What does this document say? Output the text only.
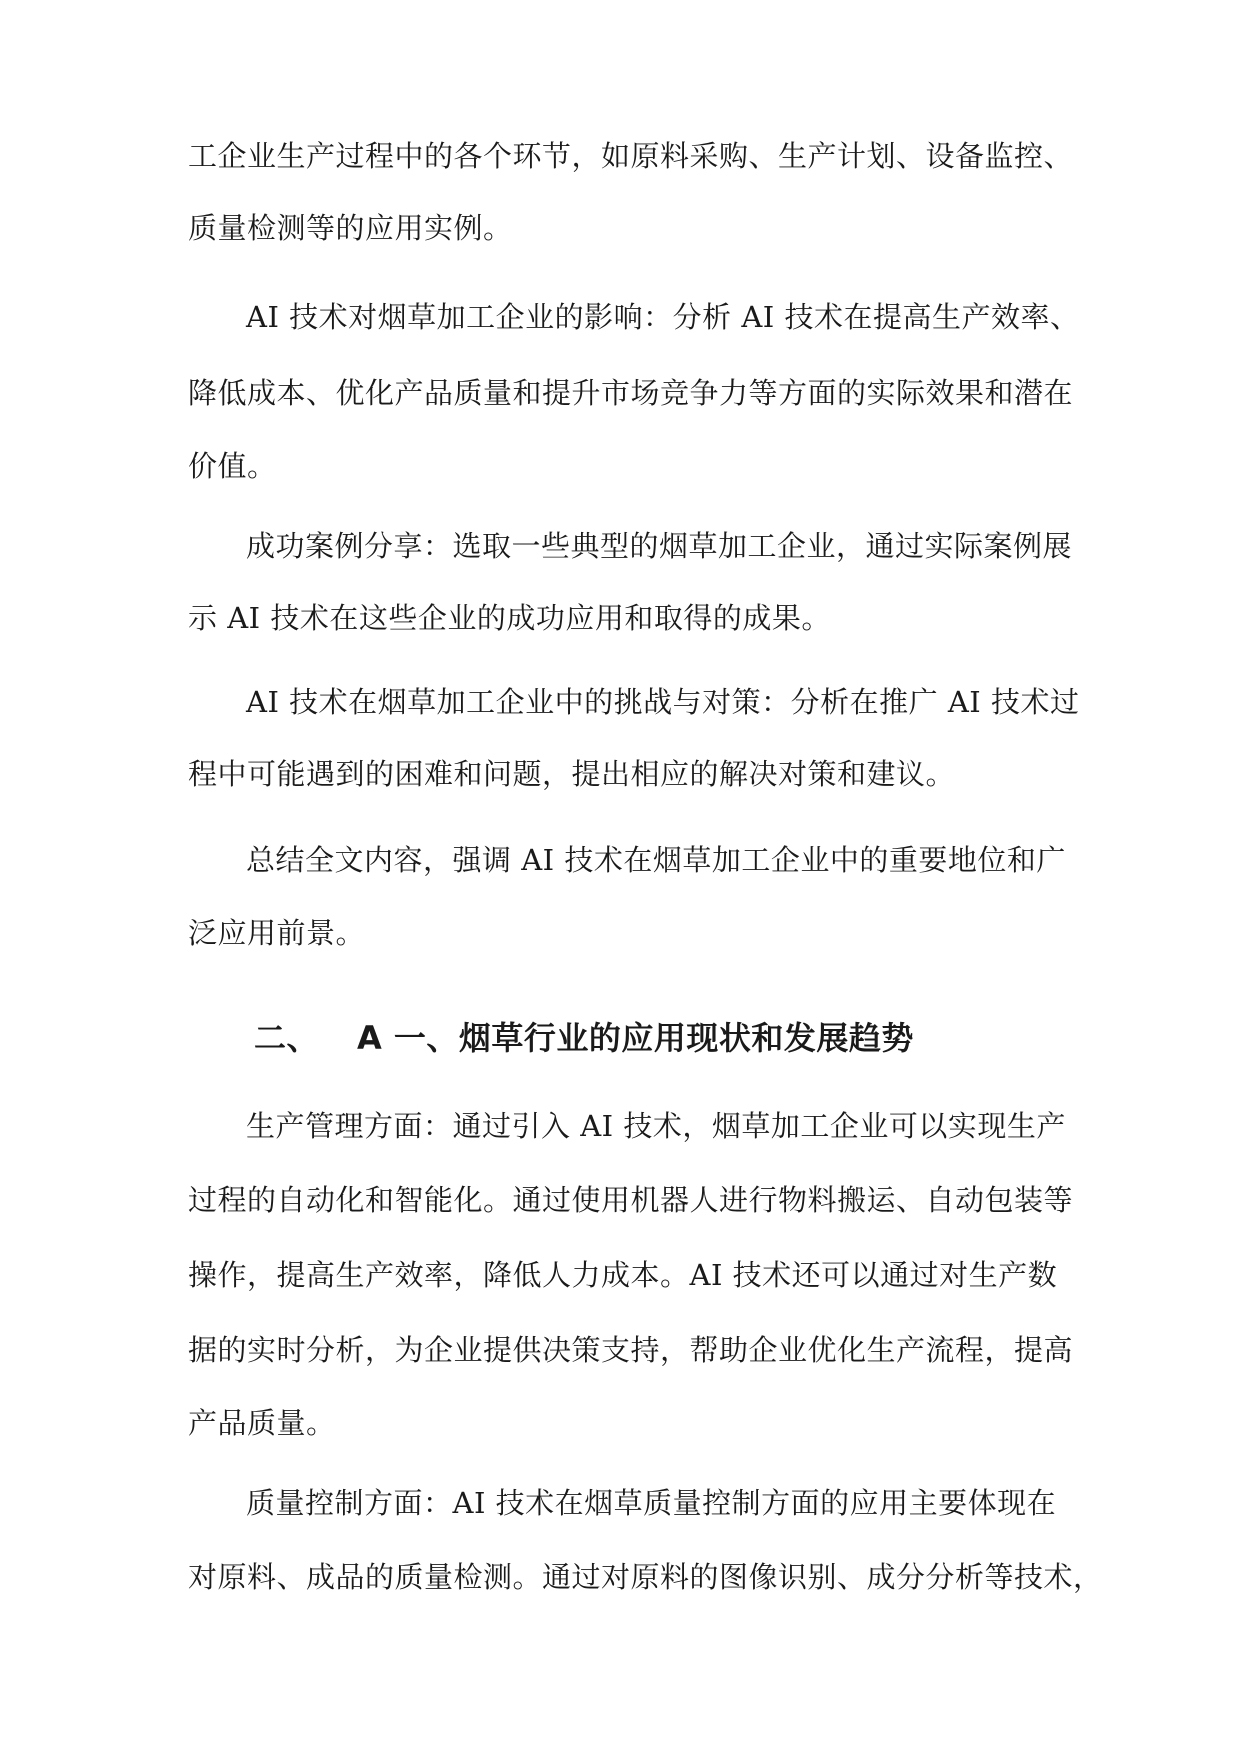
工企业生产过程中的各个环节，如原料采购、生产计划、设备监控、
质量检测等的应用实例。
AI 技术对烟草加工企业的影响：分析 AI 技术在提高生产效率、
降低成本、优化产品质量和提升市场竞争力等方面的实际效果和潜在
价值。
成功案例分享：选取一些典型的烟草加工企业，通过实际案例展
示 AI 技术在这些企业的成功应用和取得的成果。
AI 技术在烟草加工企业中的挑战与对策：分析在推广 AI 技术过
程中可能遇到的困难和问题，提出相应的解决对策和建议。
总结全文内容，强调 AI 技术在烟草加工企业中的重要地位和广
泛应用前景。
二、 A 一、烟草行业的应用现状和发展趋势
生产管理方面：通过引入 AI 技术，烟草加工企业可以实现生产
过程的自动化和智能化。通过使用机器人进行物料搬运、自动包装等
操作，提高生产效率，降低人力成本。AI 技术还可以通过对生产数
据的实时分析，为企业提供决策支持，帮助企业优化生产流程，提高
产品质量。
质量控制方面：AI 技术在烟草质量控制方面的应用主要体现在
对原料、成品的质量检测。通过对原料的图像识别、成分分析等技术，
